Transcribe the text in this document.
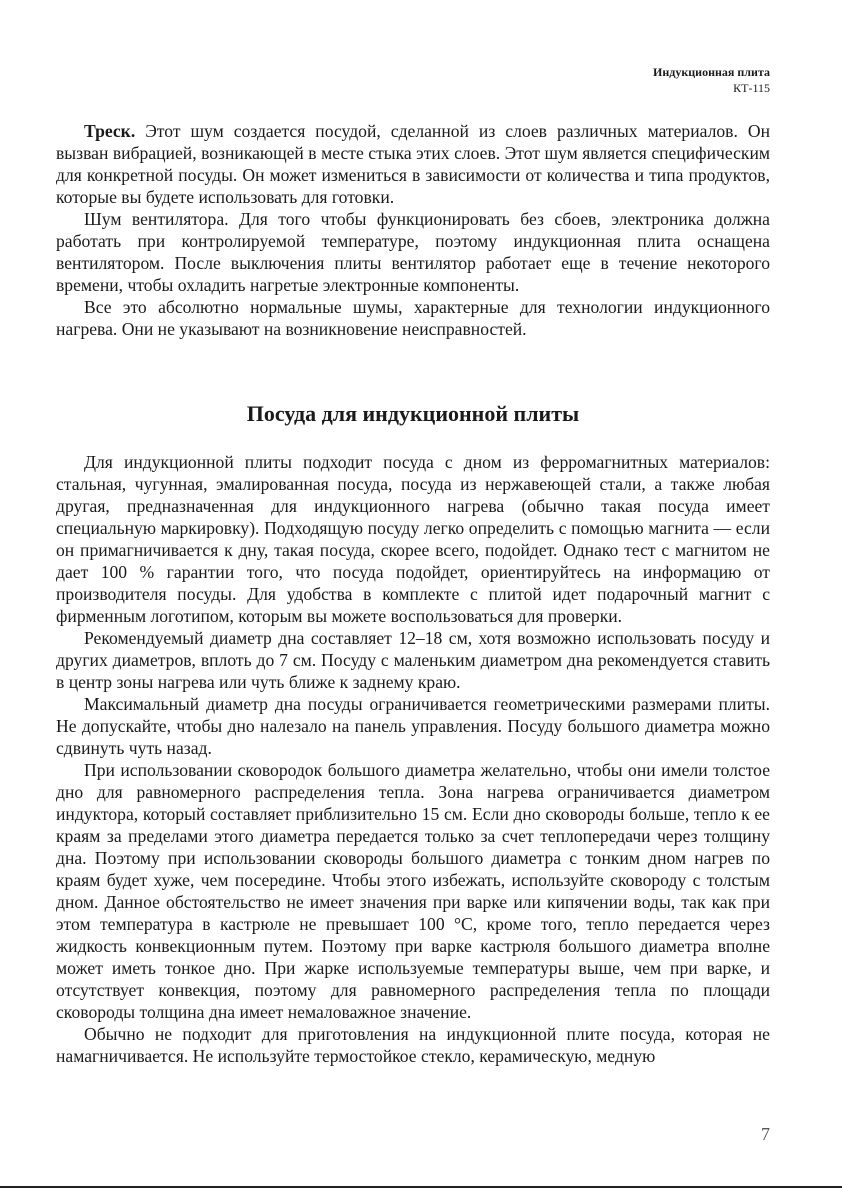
Индукционная плита
КТ-115

Треск. Этот шум создается посудой, сделанной из слоев различных материалов. Он вызван вибрацией, возникающей в месте стыка этих слоев. Этот шум является специфическим для конкретной посуды. Он может измениться в зависимости от количества и типа продуктов, которые вы будете использовать для готовки.

Шум вентилятора. Для того чтобы функционировать без сбоев, электроника должна работать при контролируемой температуре, поэтому индукционная плита оснащена вентилятором. После выключения плиты вентилятор работает еще в течение некоторого времени, чтобы охладить нагретые электронные компоненты.

Все это абсолютно нормальные шумы, характерные для технологии индукционного нагрева. Они не указывают на возникновение неисправностей.

Посуда для индукционной плиты

Для индукционной плиты подходит посуда с дном из ферромагнитных материалов: стальная, чугунная, эмалированная посуда, посуда из нержавеющей стали, а также любая другая, предназначенная для индукционного нагрева (обычно такая посуда имеет специальную маркировку). Подходящую посуду легко определить с помощью магнита — если он примагничивается к дну, такая посуда, скорее всего, подойдет. Однако тест с магнитом не дает 100 % гарантии того, что посуда подойдет, ориентируйтесь на информацию от производителя посуды. Для удобства в комплекте с плитой идет подарочный магнит с фирменным логотипом, которым вы можете воспользоваться для проверки.

Рекомендуемый диаметр дна составляет 12–18 см, хотя возможно использовать посуду и других диаметров, вплоть до 7 см. Посуду с маленьким диаметром дна рекомендуется ставить в центр зоны нагрева или чуть ближе к заднему краю.

Максимальный диаметр дна посуды ограничивается геометрическими размерами плиты. Не допускайте, чтобы дно налезало на панель управления. Посуду большого диаметра можно сдвинуть чуть назад.

При использовании сковородок большого диаметра желательно, чтобы они имели толстое дно для равномерного распределения тепла. Зона нагрева ограничивается диаметром индуктора, который составляет приблизительно 15 см. Если дно сковороды больше, тепло к ее краям за пределами этого диаметра передается только за счет теплопередачи через толщину дна. Поэтому при использовании сковороды большого диаметра с тонким дном нагрев по краям будет хуже, чем посередине. Чтобы этого избежать, используйте сковороду с толстым дном. Данное обстоятельство не имеет значения при варке или кипячении воды, так как при этом температура в кастрюле не превышает 100 °С, кроме того, тепло передается через жидкость конвекционным путем. Поэтому при варке кастрюля большого диаметра вполне может иметь тонкое дно. При жарке используемые температуры выше, чем при варке, и отсутствует конвекция, поэтому для равномерного распределения тепла по площади сковороды толщина дна имеет немаловажное значение.

Обычно не подходит для приготовления на индукционной плите посуда, которая не намагничивается. Не используйте термостойкое стекло, керамическую, медную

7
